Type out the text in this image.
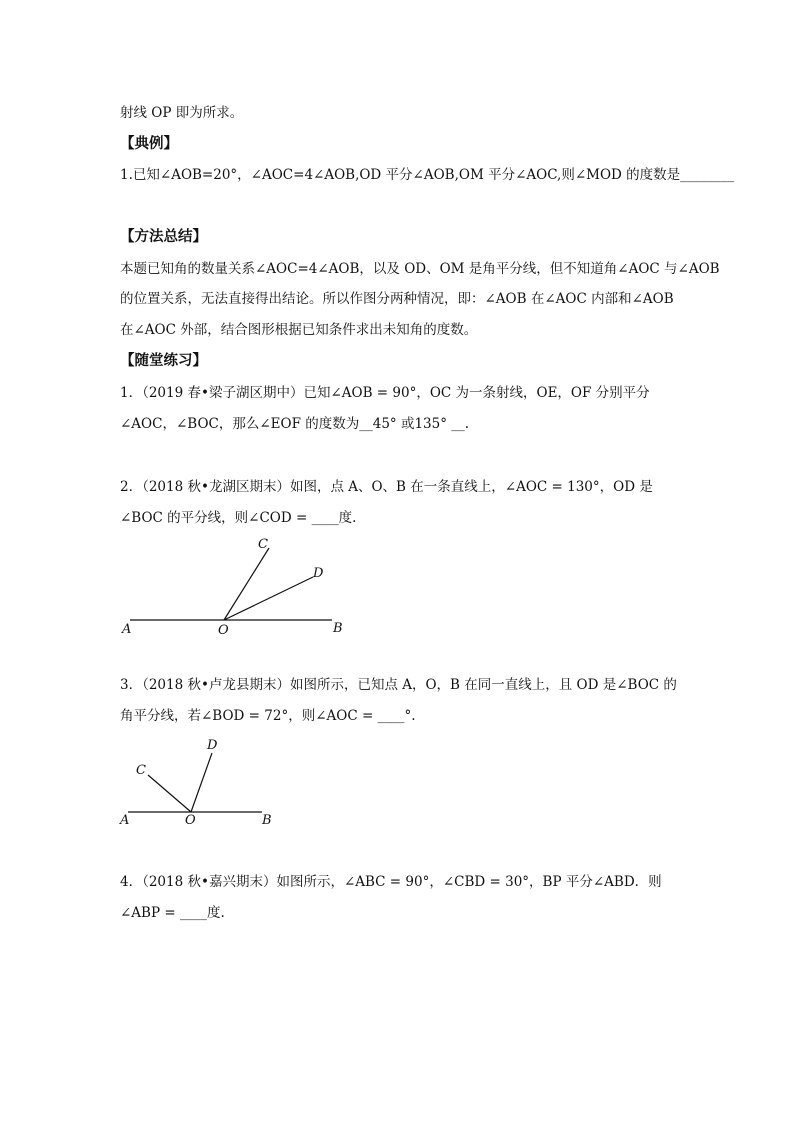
射线 OP 即为所求。
【典例】
1.已知∠AOB=20°，∠AOC=4∠AOB,OD 平分∠AOB,OM 平分∠AOC,则∠MOD 的度数是________
【方法总结】
本题已知角的数量关系∠AOC=4∠AOB，以及 OD、OM 是角平分线，但不知道角∠AOC 与∠AOB
的位置关系，无法直接得出结论。所以作图分两种情况，即：∠AOB 在∠AOC 内部和∠AOB
在∠AOC 外部，结合图形根据已知条件求出未知角的度数。
【随堂练习】
1．（2019 春•梁子湖区期中）已知∠AOB = 90°，OC 为一条射线，OE，OF 分别平分
∠AOC，∠BOC，那么∠EOF 的度数为__45° 或135° __.
2．（2018 秋•龙湖区期末）如图，点 A、O、B 在一条直线上，∠AOC = 130°，OD 是
∠BOC 的平分线，则∠COD = ____度.
C
D
A	O	B
3．（2018 秋•卢龙县期末）如图所示，已知点 A，O，B 在同一直线上，且 OD 是∠BOC 的
角平分线，若∠BOD = 72°，则∠AOC = ____°.
D
C
A	O	B
4．（2018 秋•嘉兴期末）如图所示，∠ABC = 90°，∠CBD = 30°，BP 平分∠ABD．则
∠ABP = ____度.
